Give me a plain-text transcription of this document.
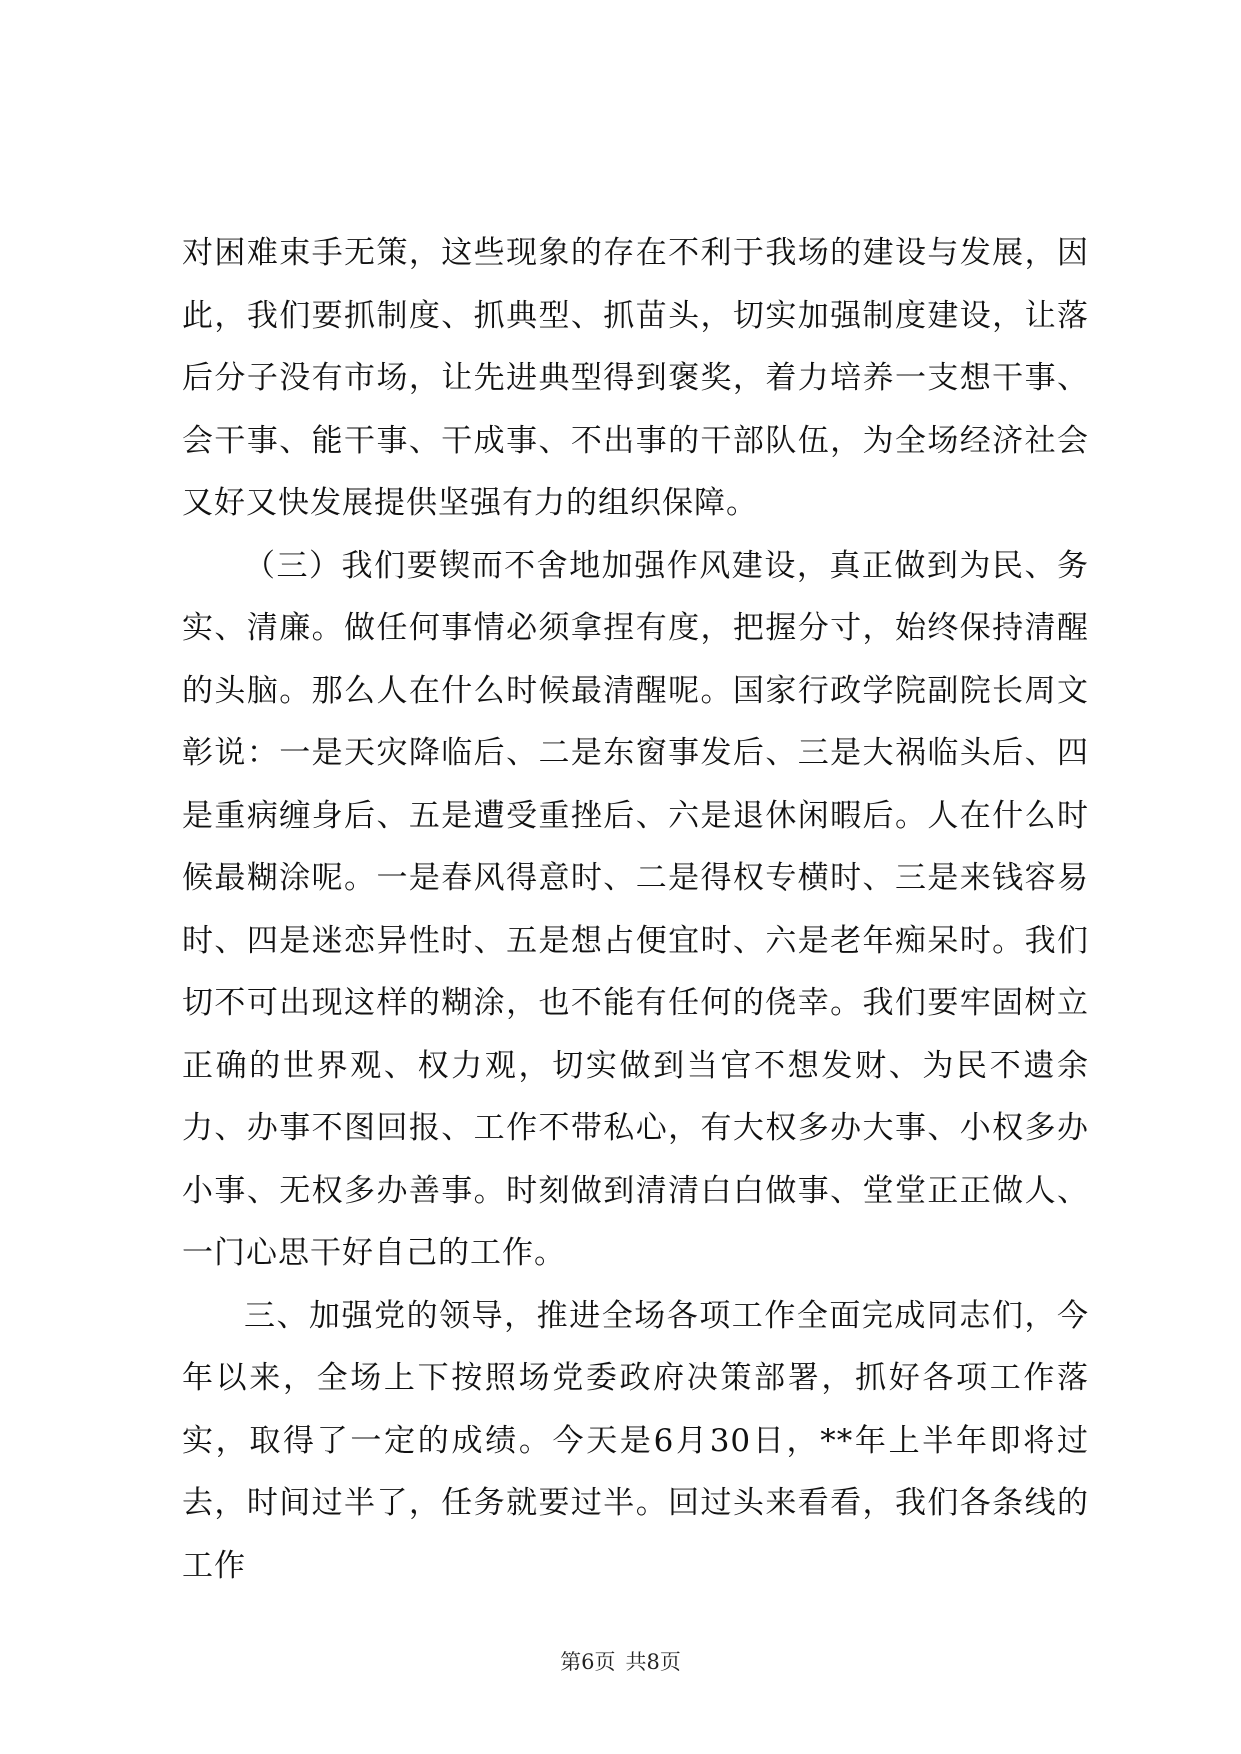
对困难束手无策，这些现象的存在不利于我场的建设与发展，因此，我们要抓制度、抓典型、抓苗头，切实加强制度建设，让落后分子没有市场，让先进典型得到褒奖，着力培养一支想干事、会干事、能干事、干成事、不出事的干部队伍，为全场经济社会又好又快发展提供坚强有力的组织保障。

（三）我们要锲而不舍地加强作风建设，真正做到为民、务实、清廉。做任何事情必须拿捏有度，把握分寸，始终保持清醒的头脑。那么人在什么时候最清醒呢。国家行政学院副院长周文彰说：一是天灾降临后、二是东窗事发后、三是大祸临头后、四是重病缠身后、五是遭受重挫后、六是退休闲暇后。人在什么时候最糊涂呢。一是春风得意时、二是得权专横时、三是来钱容易时、四是迷恋异性时、五是想占便宜时、六是老年痴呆时。我们切不可出现这样的糊涂，也不能有任何的侥幸。我们要牢固树立正确的世界观、权力观，切实做到当官不想发财、为民不遗余力、办事不图回报、工作不带私心，有大权多办大事、小权多办小事、无权多办善事。时刻做到清清白白做事、堂堂正正做人、一门心思干好自己的工作。

三、加强党的领导，推进全场各项工作全面完成同志们，今年以来，全场上下按照场党委政府决策部署，抓好各项工作落实，取得了一定的成绩。今天是6月30日，**年上半年即将过去，时间过半了，任务就要过半。回过头来看看，我们各条线的工作

第6页 共8页
